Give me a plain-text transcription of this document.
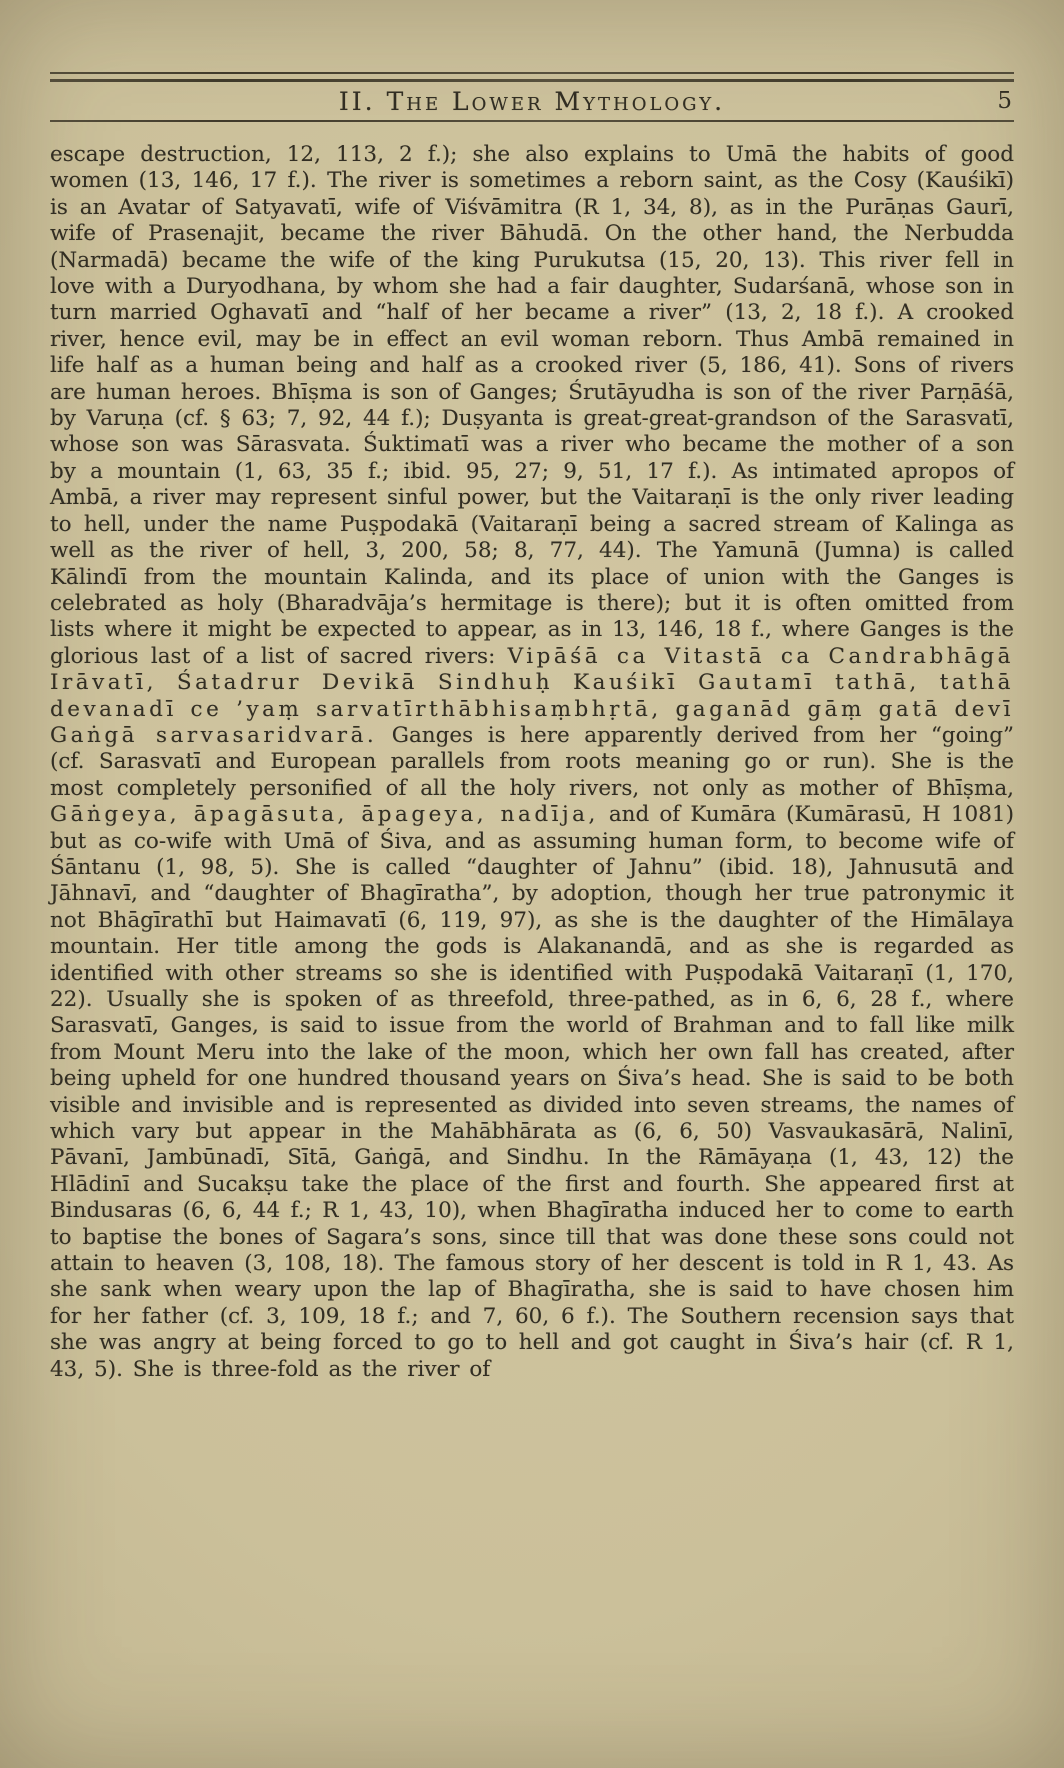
II. The Lower Mythology.	5

escape destruction, 12, 113, 2 f.); she also explains to Umā the habits of good women (13, 146, 17 f.). The river is sometimes a reborn saint, as the Cosy (Kauśikī) is an Avatar of Satyavatī, wife of Viśvāmitra (R 1, 34, 8), as in the Purāṇas Gaurī, wife of Prasenajit, became the river Bāhudā. On the other hand, the Nerbudda (Narmadā) became the wife of the king Purukutsa (15, 20, 13). This river fell in love with a Duryodhana, by whom she had a fair daughter, Sudarśanā, whose son in turn married Oghavatī and “half of her became a river” (13, 2, 18 f.). A crooked river, hence evil, may be in effect an evil woman reborn. Thus Ambā remained in life half as a human being and half as a crooked river (5, 186, 41). Sons of rivers are human heroes. Bhīṣma is son of Ganges; Śrutāyudha is son of the river Parṇāśā, by Varuṇa (cf. § 63; 7, 92, 44 f.); Duṣyanta is great-great-grandson of the Sarasvatī, whose son was Sārasvata. Śuktimatī was a river who became the mother of a son by a mountain (1, 63, 35 f.; ibid. 95, 27; 9, 51, 17 f.). As intimated apropos of Ambā, a river may represent sinful power, but the Vaitaraṇī is the only river leading to hell, under the name Puṣpodakā (Vaitaraṇī being a sacred stream of Kalinga as well as the river of hell, 3, 200, 58; 8, 77, 44). The Yamunā (Jumna) is called Kālindī from the mountain Kalinda, and its place of union with the Ganges is celebrated as holy (Bharadvāja’s hermitage is there); but it is often omitted from lists where it might be expected to appear, as in 13, 146, 18 f., where Ganges is the glorious last of a list of sacred rivers: Vipāśā ca Vitastā ca Candrabhāgā Irāvatī, Śatadrur Devikā Sindhuḥ Kauśikī Gautamī tathā, tathā devanadī ce ’yaṃ sarvatīrthābhisaṃbhṛtā, gaganād gāṃ gatā devī Gaṅgā sarvasaridvarā. Ganges is here apparently derived from her “going” (cf. Sarasvatī and European parallels from roots meaning go or run). She is the most completely personified of all the holy rivers, not only as mother of Bhīṣma, Gāṅgeya, āpagāsuta, āpageya, nadīja, and of Kumāra (Kumārasū, H 1081) but as co-wife with Umā of Śiva, and as assuming human form, to become wife of Śāntanu (1, 98, 5). She is called “daughter of Jahnu” (ibid. 18), Jahnusutā and Jāhnavī, and “daughter of Bhagīratha”, by adoption, though her true patronymic it not Bhāgīrathī but Haimavatī (6, 119, 97), as she is the daughter of the Himālaya mountain. Her title among the gods is Alakanandā, and as she is regarded as identified with other streams so she is identified with Puṣpodakā Vaitaraṇī (1, 170, 22). Usually she is spoken of as threefold, three-pathed, as in 6, 6, 28 f., where Sarasvatī, Ganges, is said to issue from the world of Brahman and to fall like milk from Mount Meru into the lake of the moon, which her own fall has created, after being upheld for one hundred thousand years on Śiva’s head. She is said to be both visible and invisible and is represented as divided into seven streams, the names of which vary but appear in the Mahābhārata as (6, 6, 50) Vasvaukasārā, Nalinī, Pāvanī, Jambūnadī, Sītā, Gaṅgā, and Sindhu. In the Rāmāyaṇa (1, 43, 12) the Hlādinī and Sucakṣu take the place of the first and fourth. She appeared first at Bindusaras (6, 6, 44 f.; R 1, 43, 10), when Bhagīratha induced her to come to earth to baptise the bones of Sagara’s sons, since till that was done these sons could not attain to heaven (3, 108, 18). The famous story of her descent is told in R 1, 43. As she sank when weary upon the lap of Bhagīratha, she is said to have chosen him for her father (cf. 3, 109, 18 f.; and 7, 60, 6 f.). The Southern recension says that she was angry at being forced to go to hell and got caught in Śiva’s hair (cf. R 1, 43, 5). She is three-fold as the river of
